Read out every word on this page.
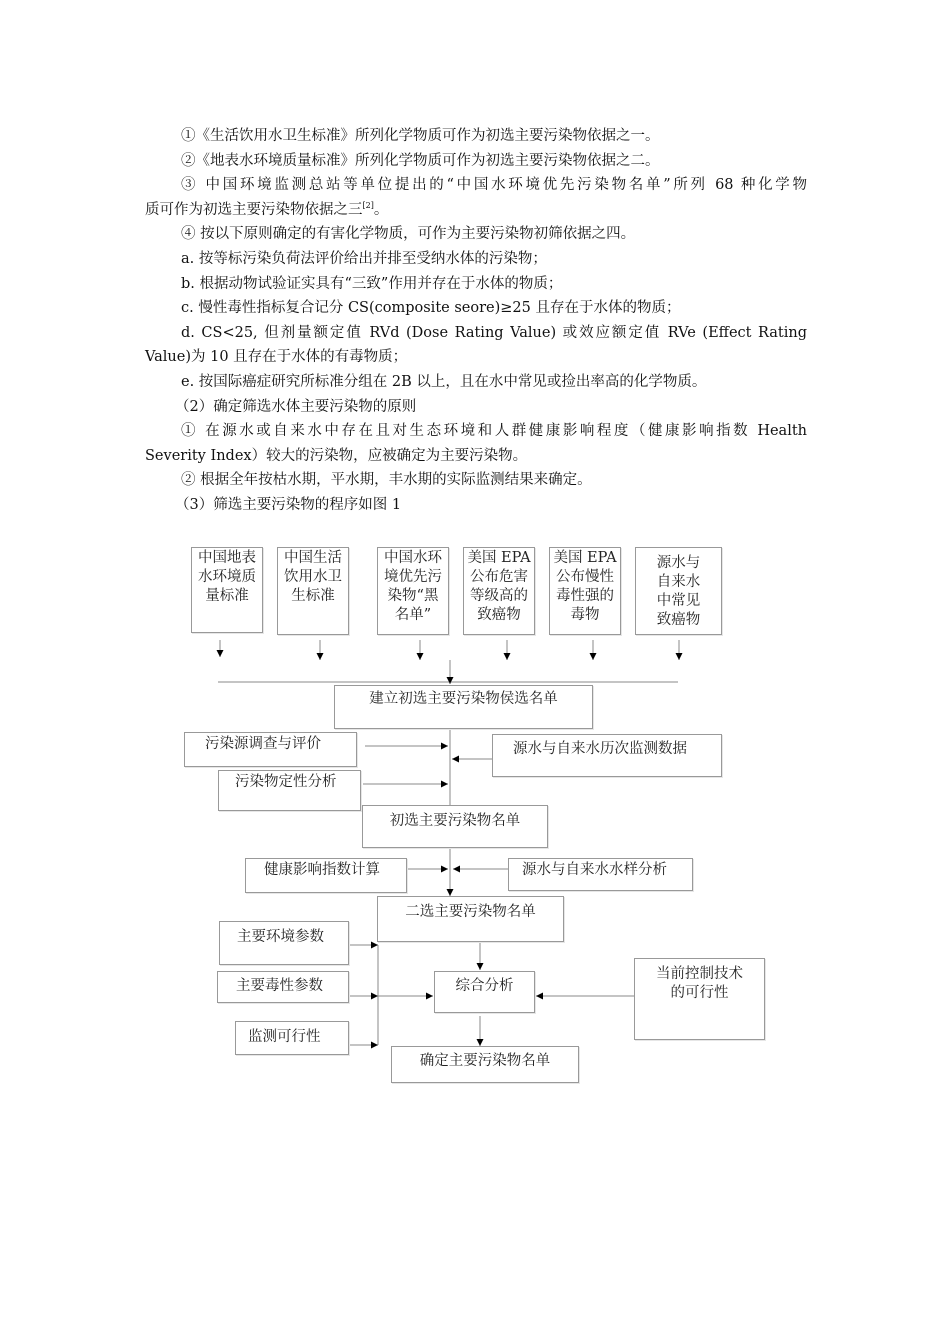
①《生活饮用水卫生标准》所列化学物质可作为初选主要污染物依据之一。

②《地表水环境质量标准》所列化学物质可作为初选主要污染物依据之二。

③ 中国环境监测总站等单位提出的“中国水环境优先污染物名单”所列 68 种化学物

质可作为初选主要污染物依据之三[2]。

④ 按以下原则确定的有害化学物质，可作为主要污染物初筛依据之四。

a. 按等标污染负荷法评价给出并排至受纳水体的污染物；

b. 根据动物试验证实具有“三致”作用并存在于水体的物质；

c. 慢性毒性指标复合记分 CS(composite seore)≥25 且存在于水体的物质；

d. CS<25, 但剂量额定值 RVd (Dose Rating Value) 或效应额定值 RVe (Effect Rating

Value)为 10 且存在于水体的有毒物质；

e. 按国际癌症研究所标准分组在 2B 以上，且在水中常见或捡出率高的化学物质。

（2）确定筛选水体主要污染物的原则

① 在源水或自来水中存在且对生态环境和人群健康影响程度（健康影响指数 Health

Severity Index）较大的污染物，应被确定为主要污染物。

② 根据全年按枯水期，平水期，丰水期的实际监测结果来确定。

（3）筛选主要污染物的程序如图 1

中国地表
水环境质
量标准
中国生活
饮用水卫
生标准
中国水环
境优先污
染物“黑
名单”
美国 EPA
公布危害
等级高的
致癌物
美国 EPA
公布慢性
毒性强的
毒物
源水与
自来水
中常见
致癌物
建立初选主要污染物侯选名单
污染源调查与评价	源水与自来水历次监测数据
污染物定性分析
初选主要污染物名单
健康影响指数计算	源水与自来水水样分析
二选主要污染物名单
主要环境参数
主要毒性参数
监测可行性
综合分析
当前控制技术
的可行性
确定主要污染物名单
